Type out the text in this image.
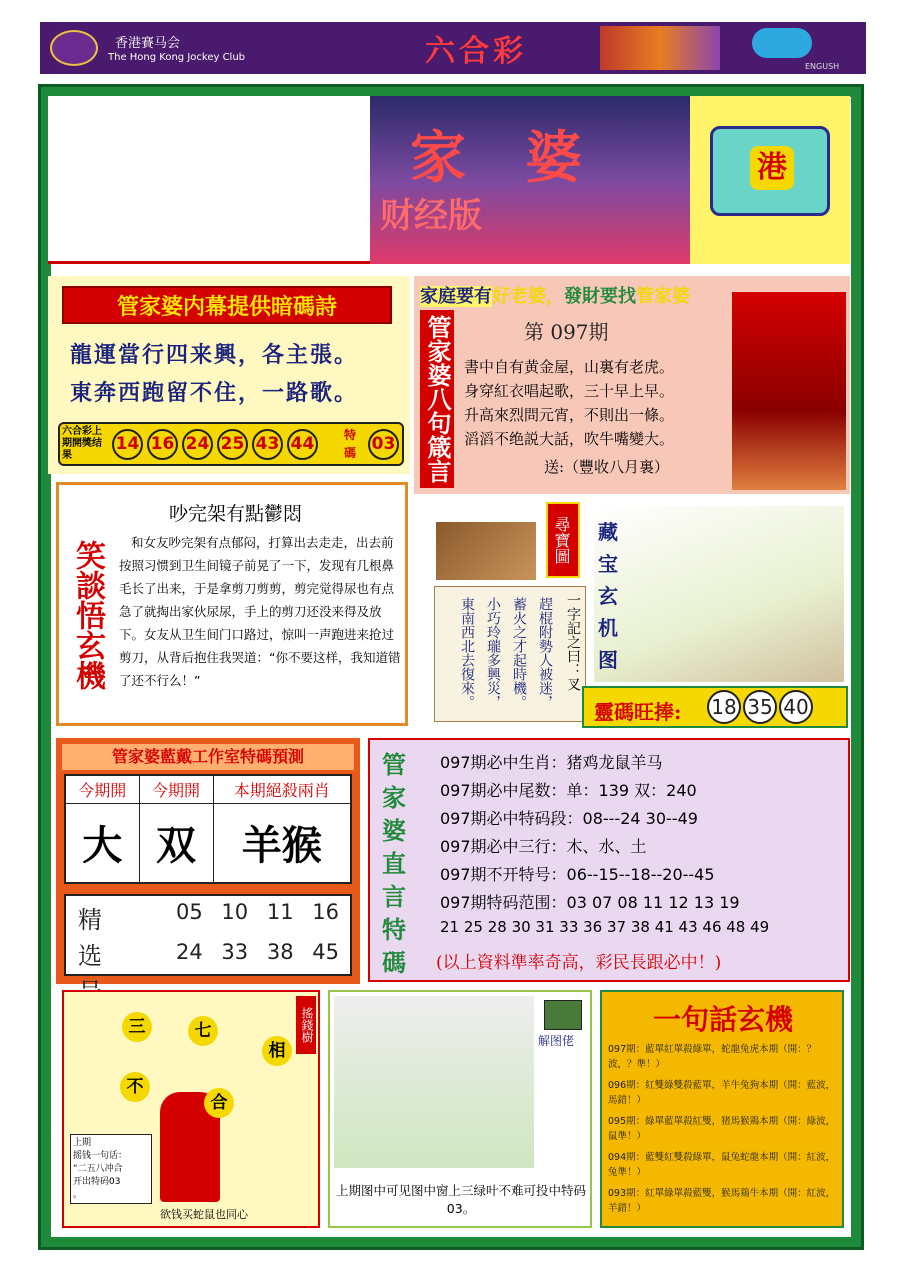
香港賽马会
The Hong Kong Jockey Club	六合彩	ENGUSH
家 婆
财经版
港
管家婆内幕提供暗碼詩
龍運當行四来興，各主張。
東奔西跑留不住，一路歌。
六合彩上期開獎结果
14 16 24 25 43 44	特碼 03
家庭要有好老婆，發財要找管家婆
管家婆八句箴言	第 097期
書中自有黄金屋，山裏有老虎。
身穿紅衣唱起歌，三十早上早。
升高來烈問元宵，不則出一條。
滔滔不绝説大話，吹牛嘴變大。
送:（豐收八月裏）
笑談悟玄機
吵完架有點鬱悶
和女友吵完架有点郁闷，打算出去走走，出去前按照习惯到卫生间镜子前晃了一下，发现有几根鼻毛长了出来，于是拿剪刀剪剪，剪完觉得尿也有点急了就掏出家伙尿尿，手上的剪刀还没来得及放下。女友从卫生间门口路过，惊叫一声跑进来抢过剪刀，从背后抱住我哭道：“你不要这样，我知道错了还不行么！”
尋寶圖
一字記之曰：叉
趕棍附勢人被迷，
蓄火之才起時機。
小巧玲瓏多興災，
東南西北去復來。
藏宝玄机图
靈碼旺捧: 18 35 40
管家婆藍戴工作室特碼預測
今期開	今期開	本期絕殺兩肖
大	双	羊猴
精选
05 10 11 16
24 33 38 45
管家婆直言特碼
097期必中生肖：猪鸡龙鼠羊马
097期必中尾数：单：139 双：240
097期必中特码段：08---24 30--49
097期必中三行：木、水、土
097期不开特号：06--15--18--20--45
097期特码范围：03 07 08 11 12 13 19
21 25 28 30 31 33 36 37 38 41 43 46 48 49
(以上資料準率奇高，彩民長跟必中！)
搖錢樹
三	七
相
不
合
上期
摇钱一句话：
“二五八冲合
开出特码03
。
欲钱买蛇鼠也同心
解图佬
上期图中可见图中窗上三绿叶不难可投中特码03。
一句話玄機
097期：藍單紅單殺綠單，蛇龍兔虎本期（開：？波，？準！）
096期：紅雙綠雙殺藍單，羊牛兔狗本期（開：藍波，馬錯！）
095期：綠單藍單殺紅雙，猪馬猴鶏本期（開：綠波，鼠準！）
094期：藍雙紅雙殺綠單，鼠兔蛇龍本期（開：紅波，兔準！）
093期：紅單綠單殺藍雙，猴馬鶏牛本期（開：紅波，羊錯！）
